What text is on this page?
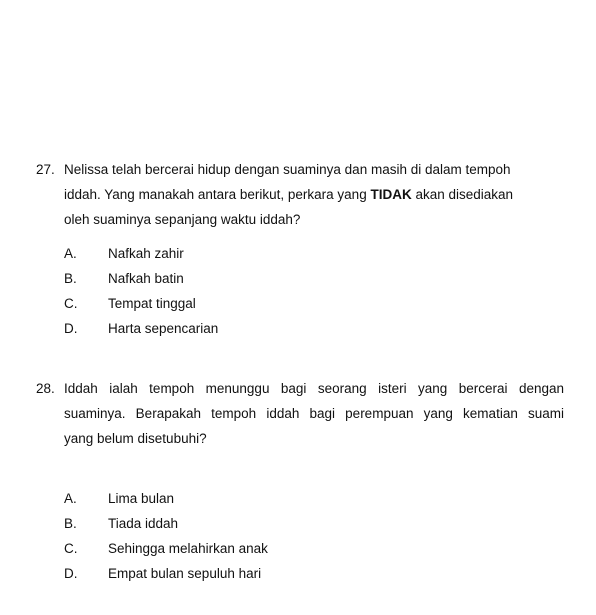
27. Nelissa telah bercerai hidup dengan suaminya dan masih di dalam tempoh
iddah. Yang manakah antara berikut, perkara yang TIDAK akan disediakan
oleh suaminya sepanjang waktu iddah?
A. Nafkah zahir
B. Nafkah batin
C. Tempat tinggal
D. Harta sepencarian
28. Iddah ialah tempoh menunggu bagi seorang isteri yang bercerai dengan
suaminya. Berapakah tempoh iddah bagi perempuan yang kematian suami
yang belum disetubuhi?
A. Lima bulan
B. Tiada iddah
C. Sehingga melahirkan anak
D. Empat bulan sepuluh hari
